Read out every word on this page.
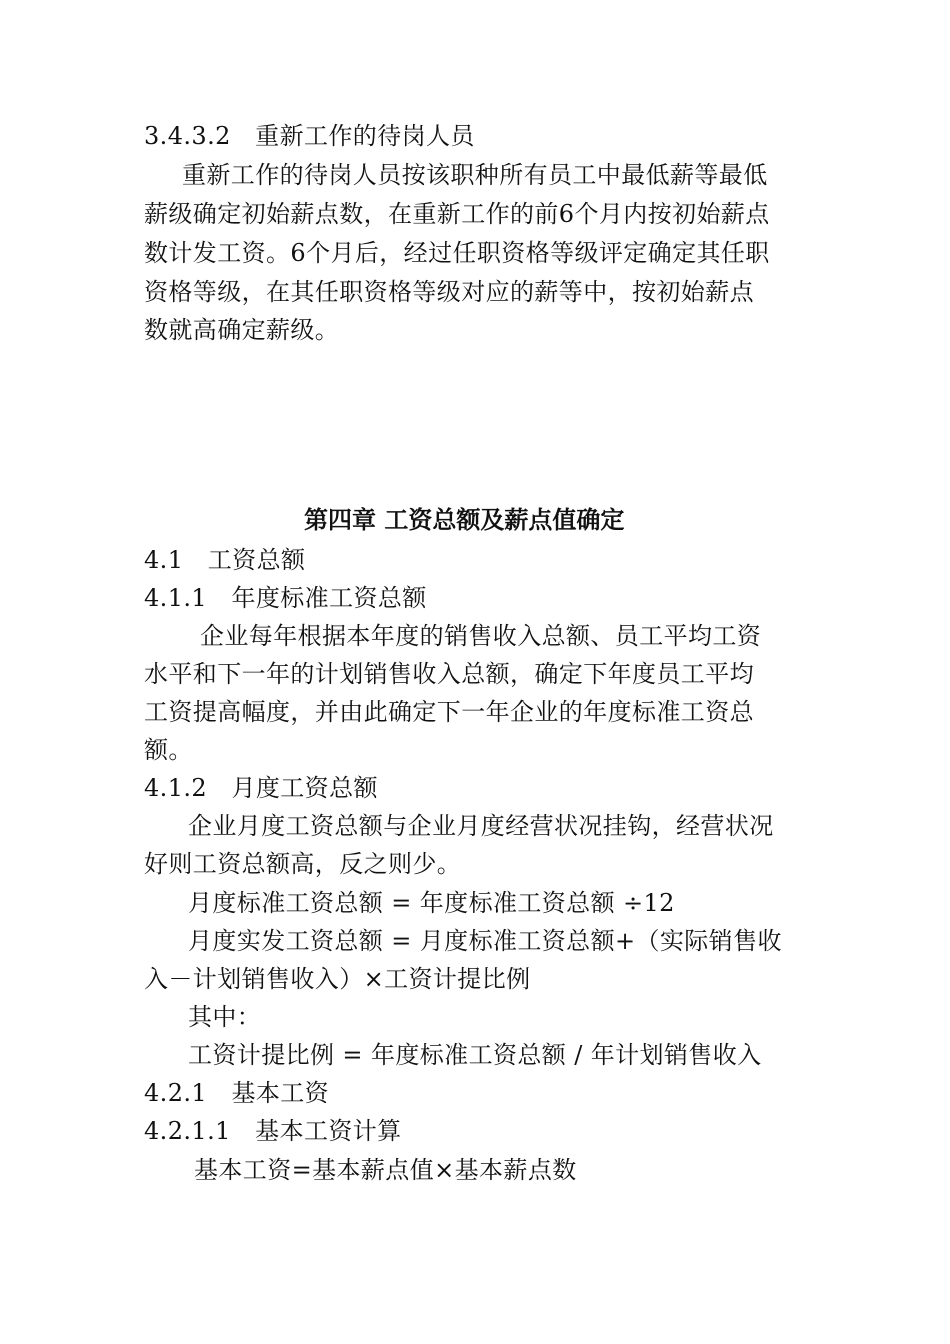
3.4.3.2　重新工作的待岗人员
重新工作的待岗人员按该职种所有员工中最低薪等最低
薪级确定初始薪点数，在重新工作的前6个月内按初始薪点
数计发工资。6个月后，经过任职资格等级评定确定其任职
资格等级，在其任职资格等级对应的薪等中，按初始薪点
数就高确定薪级。
第四章 工资总额及薪点值确定
4.1　工资总额
4.1.1　年度标准工资总额
企业每年根据本年度的销售收入总额、员工平均工资
水平和下一年的计划销售收入总额，确定下年度员工平均
工资提高幅度，并由此确定下一年企业的年度标准工资总
额。
4.1.2　月度工资总额
企业月度工资总额与企业月度经营状况挂钩，经营状况
好则工资总额高，反之则少。
月度标准工资总额 = 年度标准工资总额 ÷12
月度实发工资总额 = 月度标准工资总额+（实际销售收
入－计划销售收入）×工资计提比例
其中：
工资计提比例 = 年度标准工资总额 / 年计划销售收入
4.2.1　基本工资
4.2.1.1　基本工资计算
基本工资=基本薪点值×基本薪点数
